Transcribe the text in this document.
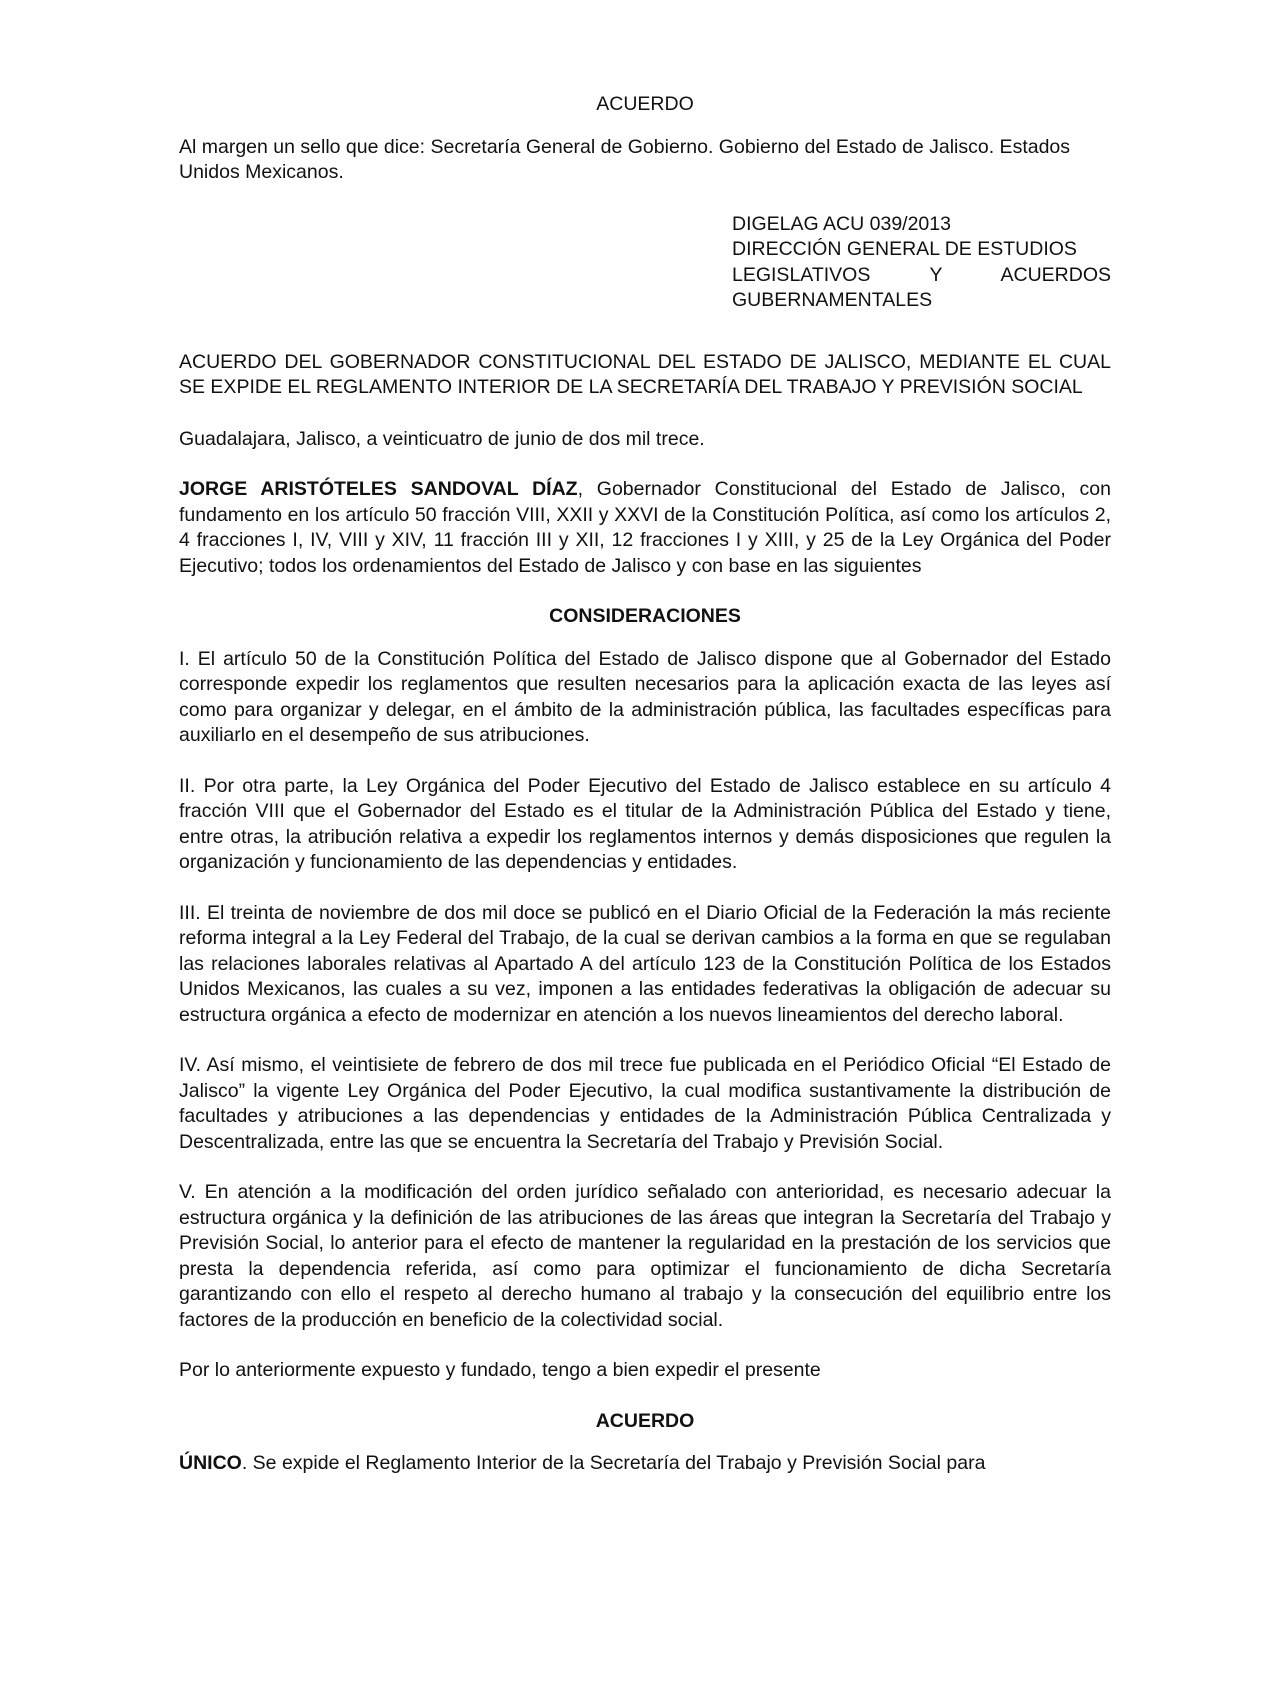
ACUERDO

Al margen un sello que dice: Secretaría General de Gobierno. Gobierno del Estado de Jalisco. Estados Unidos Mexicanos.

DIGELAG ACU 039/2013
DIRECCIÓN GENERAL DE ESTUDIOS
LEGISLATIVOS Y ACUERDOS
GUBERNAMENTALES

ACUERDO DEL GOBERNADOR CONSTITUCIONAL DEL ESTADO DE JALISCO, MEDIANTE EL CUAL SE EXPIDE EL REGLAMENTO INTERIOR DE LA SECRETARÍA DEL TRABAJO Y PREVISIÓN SOCIAL

Guadalajara, Jalisco, a veinticuatro de junio de dos mil trece.

JORGE ARISTÓTELES SANDOVAL DÍAZ, Gobernador Constitucional del Estado de Jalisco, con fundamento en los artículo 50 fracción VIII, XXII y XXVI de la Constitución Política, así como los artículos 2, 4 fracciones I, IV, VIII y XIV, 11 fracción III y XII, 12 fracciones I y XIII, y 25 de la Ley Orgánica del Poder Ejecutivo; todos los ordenamientos del Estado de Jalisco y con base en las siguientes

CONSIDERACIONES

I. El artículo 50 de la Constitución Política del Estado de Jalisco dispone que al Gobernador del Estado corresponde expedir los reglamentos que resulten necesarios para la aplicación exacta de las leyes así como para organizar y delegar, en el ámbito de la administración pública, las facultades específicas para auxiliarlo en el desempeño de sus atribuciones.

II. Por otra parte, la Ley Orgánica del Poder Ejecutivo del Estado de Jalisco establece en su artículo 4 fracción VIII que el Gobernador del Estado es el titular de la Administración Pública del Estado y tiene, entre otras, la atribución relativa a expedir los reglamentos internos y demás disposiciones que regulen la organización y funcionamiento de las dependencias y entidades.

III. El treinta de noviembre de dos mil doce se publicó en el Diario Oficial de la Federación la más reciente reforma integral a la Ley Federal del Trabajo, de la cual se derivan cambios a la forma en que se regulaban las relaciones laborales relativas al Apartado A del artículo 123 de la Constitución Política de los Estados Unidos Mexicanos, las cuales a su vez, imponen a las entidades federativas la obligación de adecuar su estructura orgánica a efecto de modernizar en atención a los nuevos lineamientos del derecho laboral.

IV. Así mismo, el veintisiete de febrero de dos mil trece fue publicada en el Periódico Oficial “El Estado de Jalisco” la vigente Ley Orgánica del Poder Ejecutivo, la cual modifica sustantivamente la distribución de facultades y atribuciones a las dependencias y entidades de la Administración Pública Centralizada y Descentralizada, entre las que se encuentra la Secretaría del Trabajo y Previsión Social.

V. En atención a la modificación del orden jurídico señalado con anterioridad, es necesario adecuar la estructura orgánica y la definición de las atribuciones de las áreas que integran la Secretaría del Trabajo y Previsión Social, lo anterior para el efecto de mantener la regularidad en la prestación de los servicios que presta la dependencia referida, así como para optimizar el funcionamiento de dicha Secretaría garantizando con ello el respeto al derecho humano al trabajo y la consecución del equilibrio entre los factores de la producción en beneficio de la colectividad social.

Por lo anteriormente expuesto y fundado, tengo a bien expedir el presente

ACUERDO

ÚNICO. Se expide el Reglamento Interior de la Secretaría del Trabajo y Previsión Social para
